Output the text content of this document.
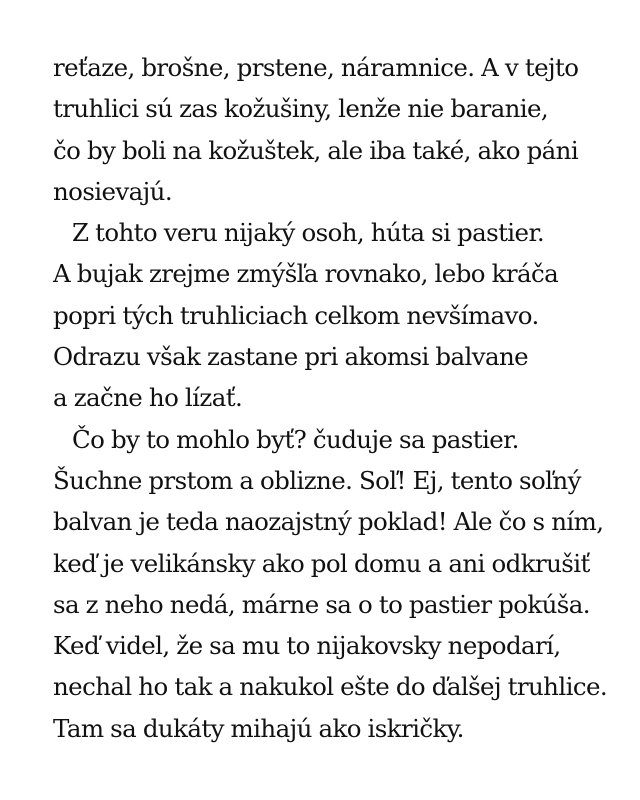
reťaze, brošne, prstene, náramnice. A v tejto
truhlici sú zas kožušiny, lenže nie baranie,
čo by boli na kožuštek, ale iba také, ako páni
nosievajú.
Z tohto veru nijaký osoh, húta si pastier.
A bujak zrejme zmýšľa rovnako, lebo kráča
popri tých truhliciach celkom nevšímavo.
Odrazu však zastane pri akomsi balvane
a začne ho lízať.
Čo by to mohlo byť? čuduje sa pastier.
Šuchne prstom a oblizne. Soľ! Ej, tento soľný
balvan je teda naozajstný poklad! Ale čo s ním,
keď je velikánsky ako pol domu a ani odkrušiť
sa z neho nedá, márne sa o to pastier pokúša.
Keď videl, že sa mu to nijakovsky nepodarí,
nechal ho tak a nakukol ešte do ďalšej truhlice.
Tam sa dukáty mihajú ako iskričky.
